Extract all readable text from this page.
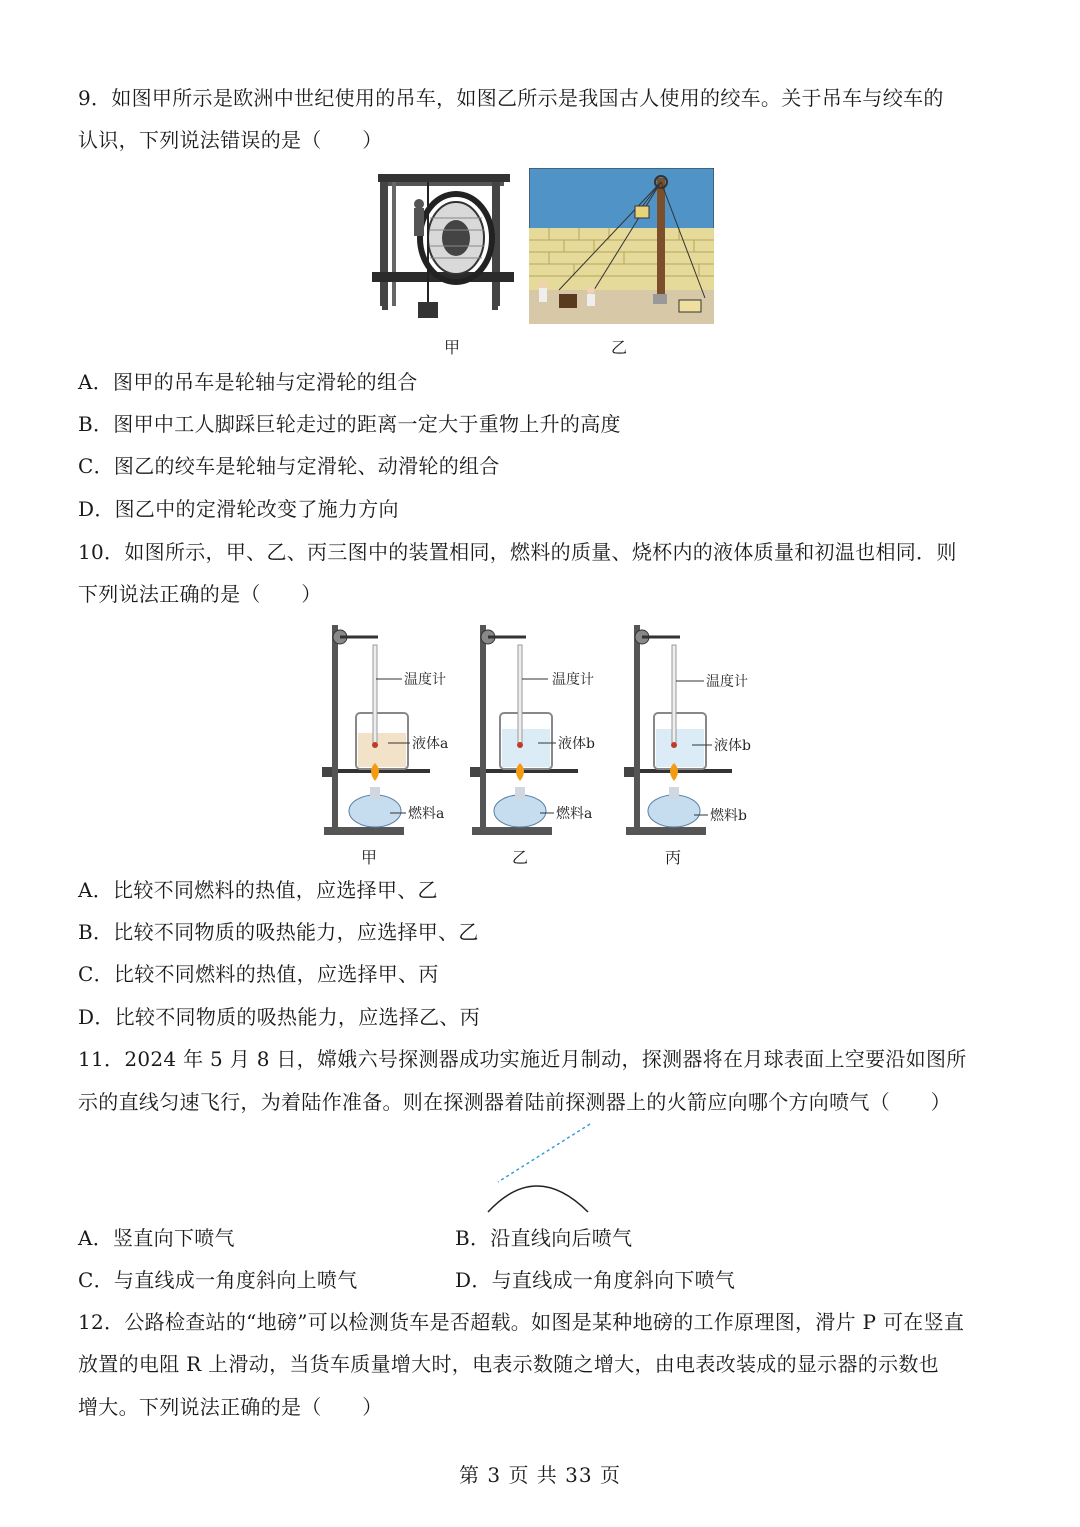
9．如图甲所示是欧洲中世纪使用的吊车，如图乙所示是我国古人使用的绞车。关于吊车与绞车的
认识，下列说法错误的是（　　）
甲	乙
A．图甲的吊车是轮轴与定滑轮的组合
B．图甲中工人脚踩巨轮走过的距离一定大于重物上升的高度
C．图乙的绞车是轮轴与定滑轮、动滑轮的组合
D．图乙中的定滑轮改变了施力方向
10．如图所示，甲、乙、丙三图中的装置相同，燃料的质量、烧杯内的液体质量和初温也相同．则
下列说法正确的是（　　）
温度计
液体a
燃料a
温度计
液体b
燃料a
温度计
液体b
燃料b
甲	乙	丙
A．比较不同燃料的热值，应选择甲、乙
B．比较不同物质的吸热能力，应选择甲、乙
C．比较不同燃料的热值，应选择甲、丙
D．比较不同物质的吸热能力，应选择乙、丙
11．2024 年 5 月 8 日，嫦娥六号探测器成功实施近月制动，探测器将在月球表面上空要沿如图所
示的直线匀速飞行，为着陆作准备。则在探测器着陆前探测器上的火箭应向哪个方向喷气（　　）
A．竖直向下喷气	B．沿直线向后喷气
C．与直线成一角度斜向上喷气	D．与直线成一角度斜向下喷气
12．公路检查站的“地磅”可以检测货车是否超载。如图是某种地磅的工作原理图，滑片 P 可在竖直
放置的电阻 R 上滑动，当货车质量增大时，电表示数随之增大，由电表改装成的显示器的示数也
增大。下列说法正确的是（　　）
第 3 页 共 33 页
